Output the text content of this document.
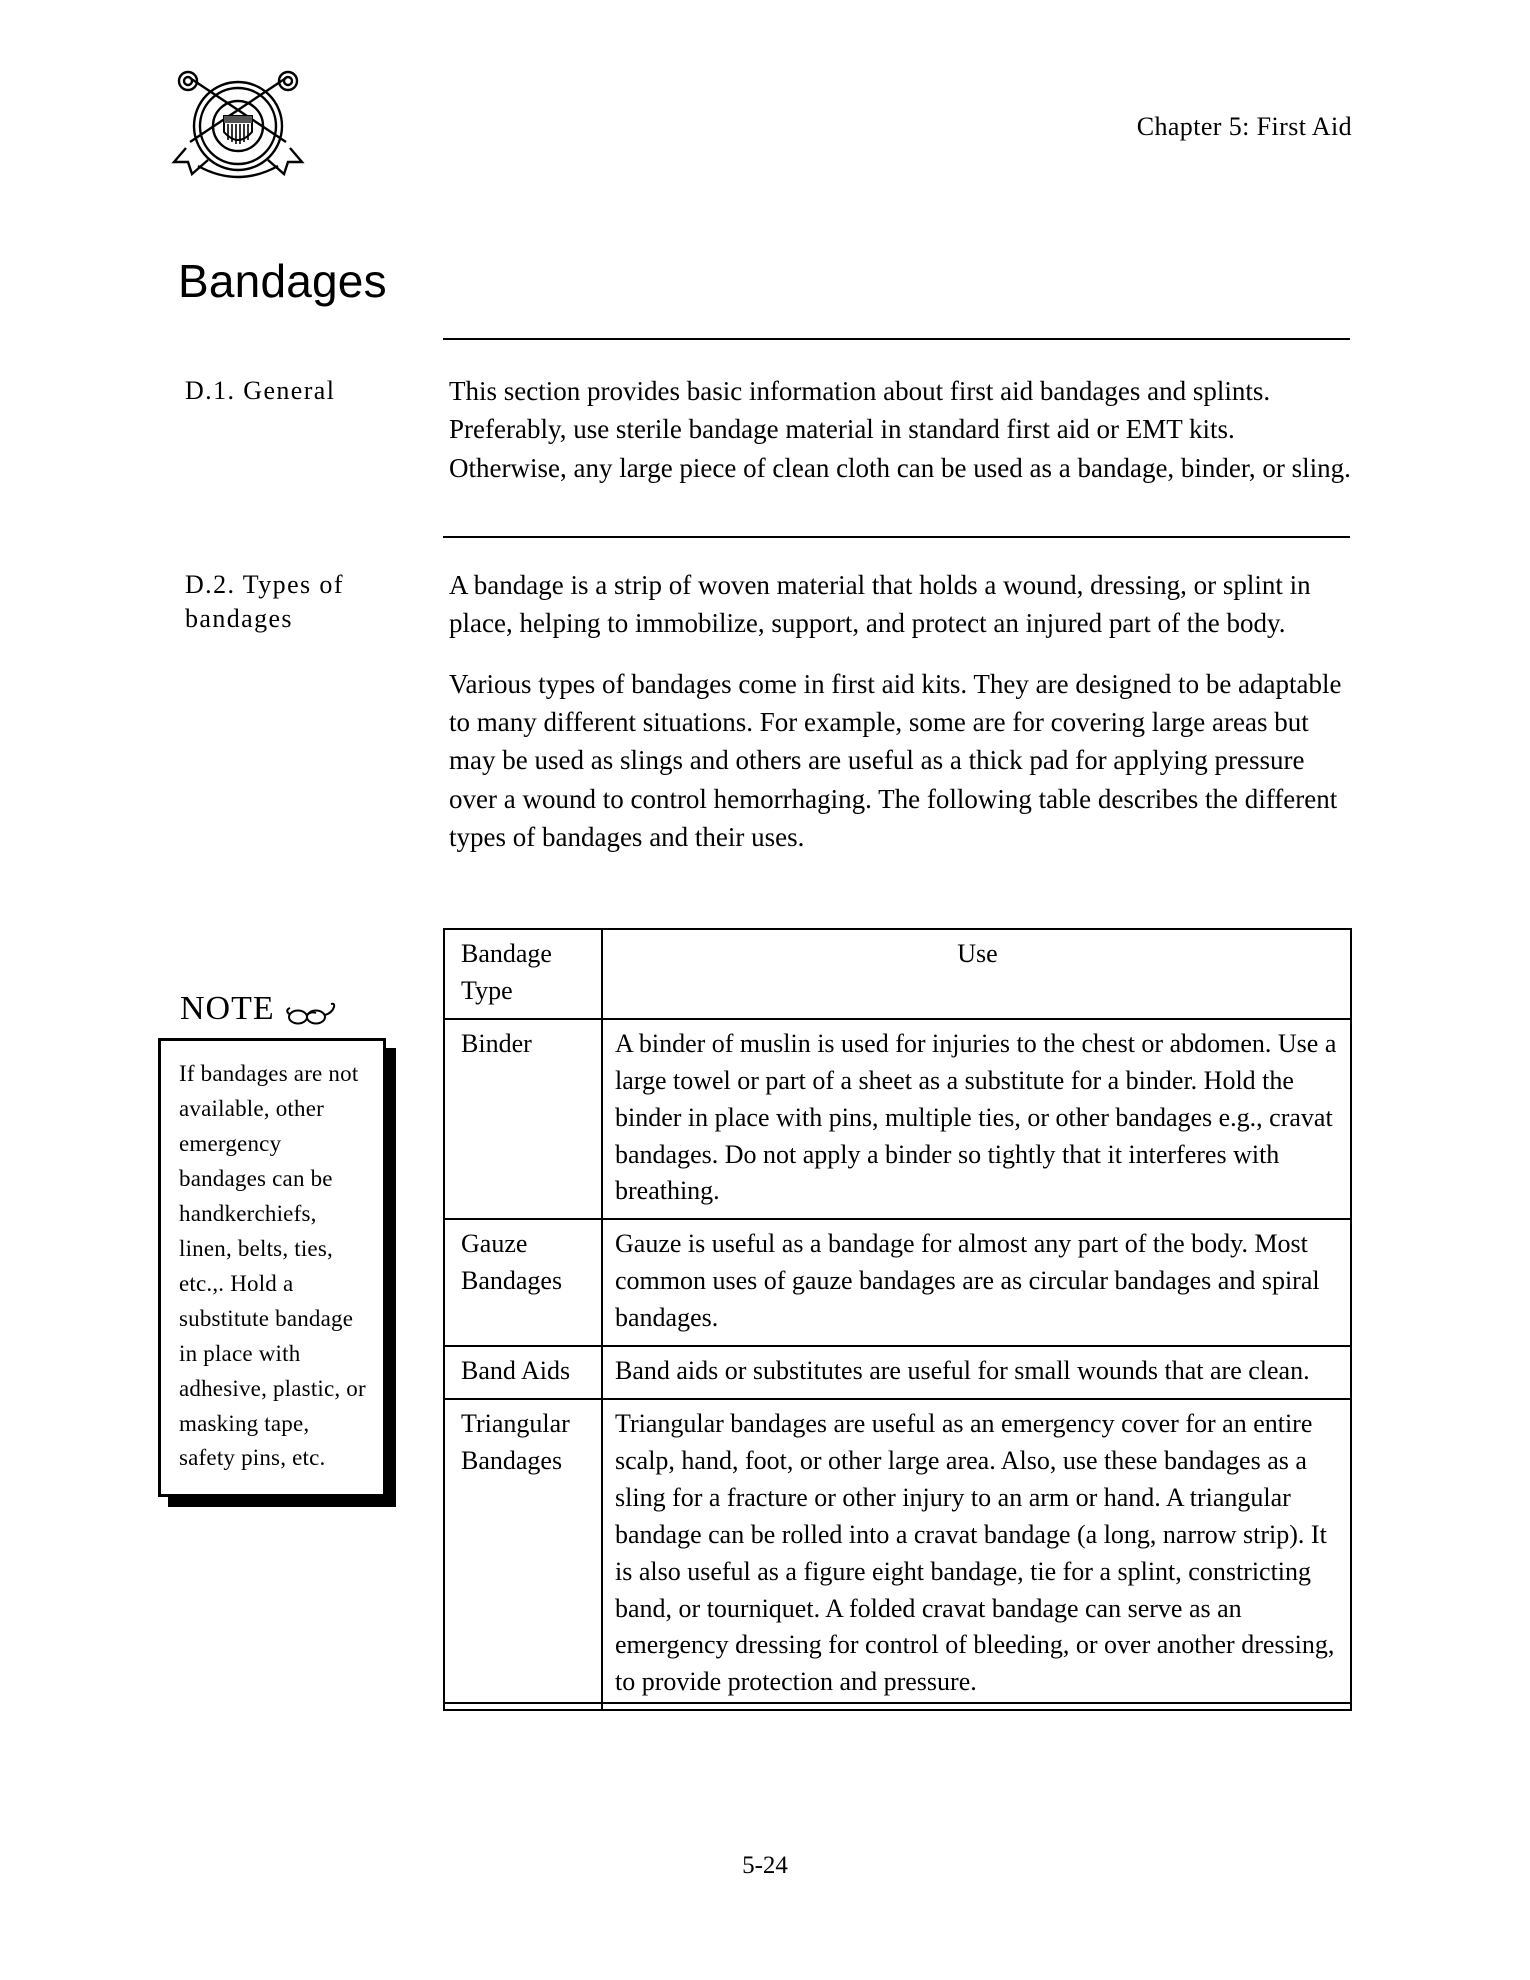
Chapter 5: First Aid
Bandages
D.1. General	This section provides basic information about first aid bandages and splints. Preferably, use sterile bandage material in standard first aid or EMT kits. Otherwise, any large piece of clean cloth can be used as a bandage, binder, or sling.

D.2. Types of bandages

A bandage is a strip of woven material that holds a wound, dressing, or splint in place, helping to immobilize, support, and protect an injured part of the body.

Various types of bandages come in first aid kits. They are designed to be adaptable to many different situations. For example, some are for covering large areas but may be used as slings and others are useful as a thick pad for applying pressure over a wound to control hemorrhaging. The following table describes the different types of bandages and their uses.

NOTE
If bandages are not available, other emergency bandages can be handkerchiefs, linen, belts, ties, etc.,. Hold a substitute bandage in place with adhesive, plastic, or masking tape, safety pins, etc.
Bandage Type	Use
Binder	A binder of muslin is used for injuries to the chest or abdomen. Use a large towel or part of a sheet as a substitute for a binder. Hold the binder in place with pins, multiple ties, or other bandages e.g., cravat bandages. Do not apply a binder so tightly that it interferes with breathing.
Gauze Bandages	Gauze is useful as a bandage for almost any part of the body. Most common uses of gauze bandages are as circular bandages and spiral bandages.
Band Aids	Band aids or substitutes are useful for small wounds that are clean.
Triangular Bandages	Triangular bandages are useful as an emergency cover for an entire scalp, hand, foot, or other large area. Also, use these bandages as a sling for a fracture or other injury to an arm or hand. A triangular bandage can be rolled into a cravat bandage (a long, narrow strip). It is also useful as a figure eight bandage, tie for a splint, constricting band, or tourniquet. A folded cravat bandage can serve as an emergency dressing for control of bleeding, or over another dressing, to provide protection and pressure.
5-24
